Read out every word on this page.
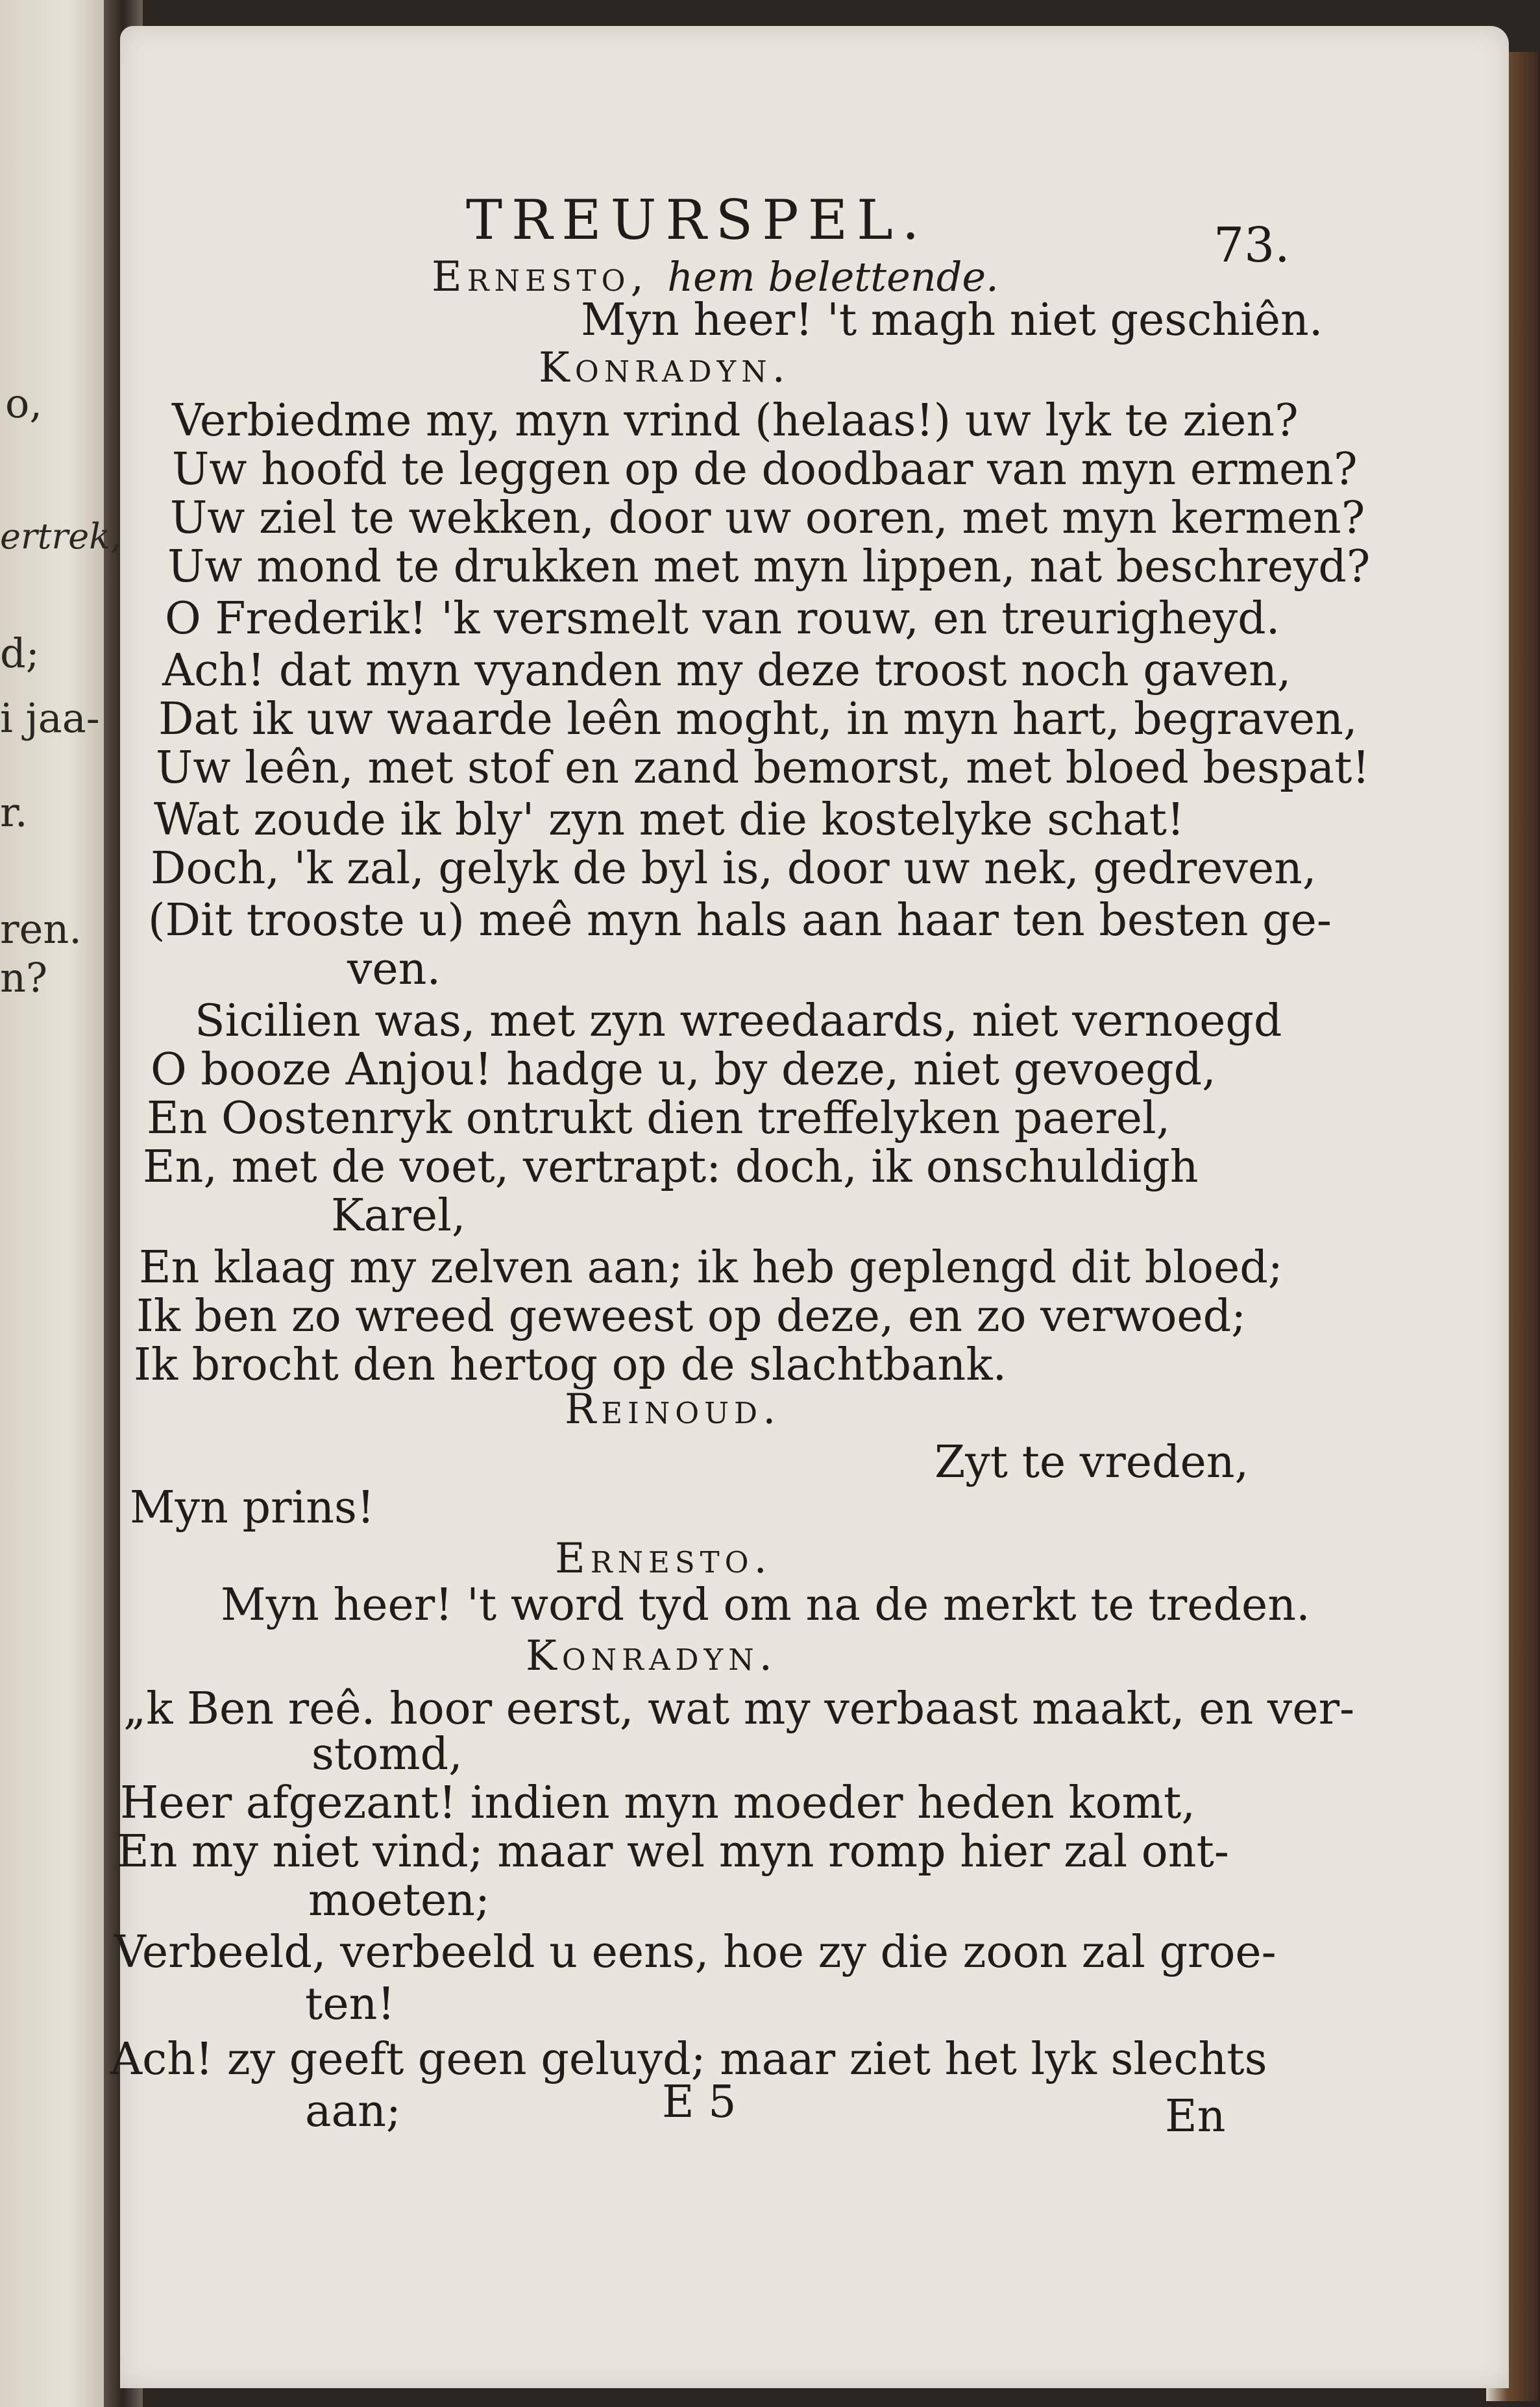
o,
ertrek,
d;
i jaa-
r.
ren.
n?
TREURSPEL.	73.
Ernesto, hem belettende.
Myn heer! 't magh niet geschiên.
Konradyn.
Verbiedme my, myn vrind (helaas!) uw lyk te zien?
Uw hoofd te leggen op de doodbaar van myn ermen?
Uw ziel te wekken, door uw ooren, met myn kermen?
Uw mond te drukken met myn lippen, nat beschreyd?
O Frederik! 'k versmelt van rouw, en treurigheyd.
Ach! dat myn vyanden my deze troost noch gaven,
Dat ik uw waarde leên moght, in myn hart, begraven,
Uw leên, met stof en zand bemorst, met bloed bespat!
Wat zoude ik bly' zyn met die kostelyke schat!
Doch, 'k zal, gelyk de byl is, door uw nek, gedreven,
(Dit trooste u) meê myn hals aan haar ten besten ge-
ven.
Sicilien was, met zyn wreedaards, niet vernoegd
O booze Anjou! hadge u, by deze, niet gevoegd,
En Oostenryk ontrukt dien treffelyken paerel,
En, met de voet, vertrapt: doch, ik onschuldigh
Karel,
En klaag my zelven aan; ik heb geplengd dit bloed;
Ik ben zo wreed geweest op deze, en zo verwoed;
Ik brocht den hertog op de slachtbank.
Reinoud.
Zyt te vreden,
Myn prins!
Ernesto.
Myn heer! 't word tyd om na de merkt te treden.
Konradyn.
„k Ben reê. hoor eerst, wat my verbaast maakt, en ver-
stomd,
Heer afgezant! indien myn moeder heden komt,
En my niet vind; maar wel myn romp hier zal ont-
moeten;
Verbeeld, verbeeld u eens, hoe zy die zoon zal groe-
ten!
Ach! zy geeft geen geluyd; maar ziet het lyk slechts
aan;	E 5	En
